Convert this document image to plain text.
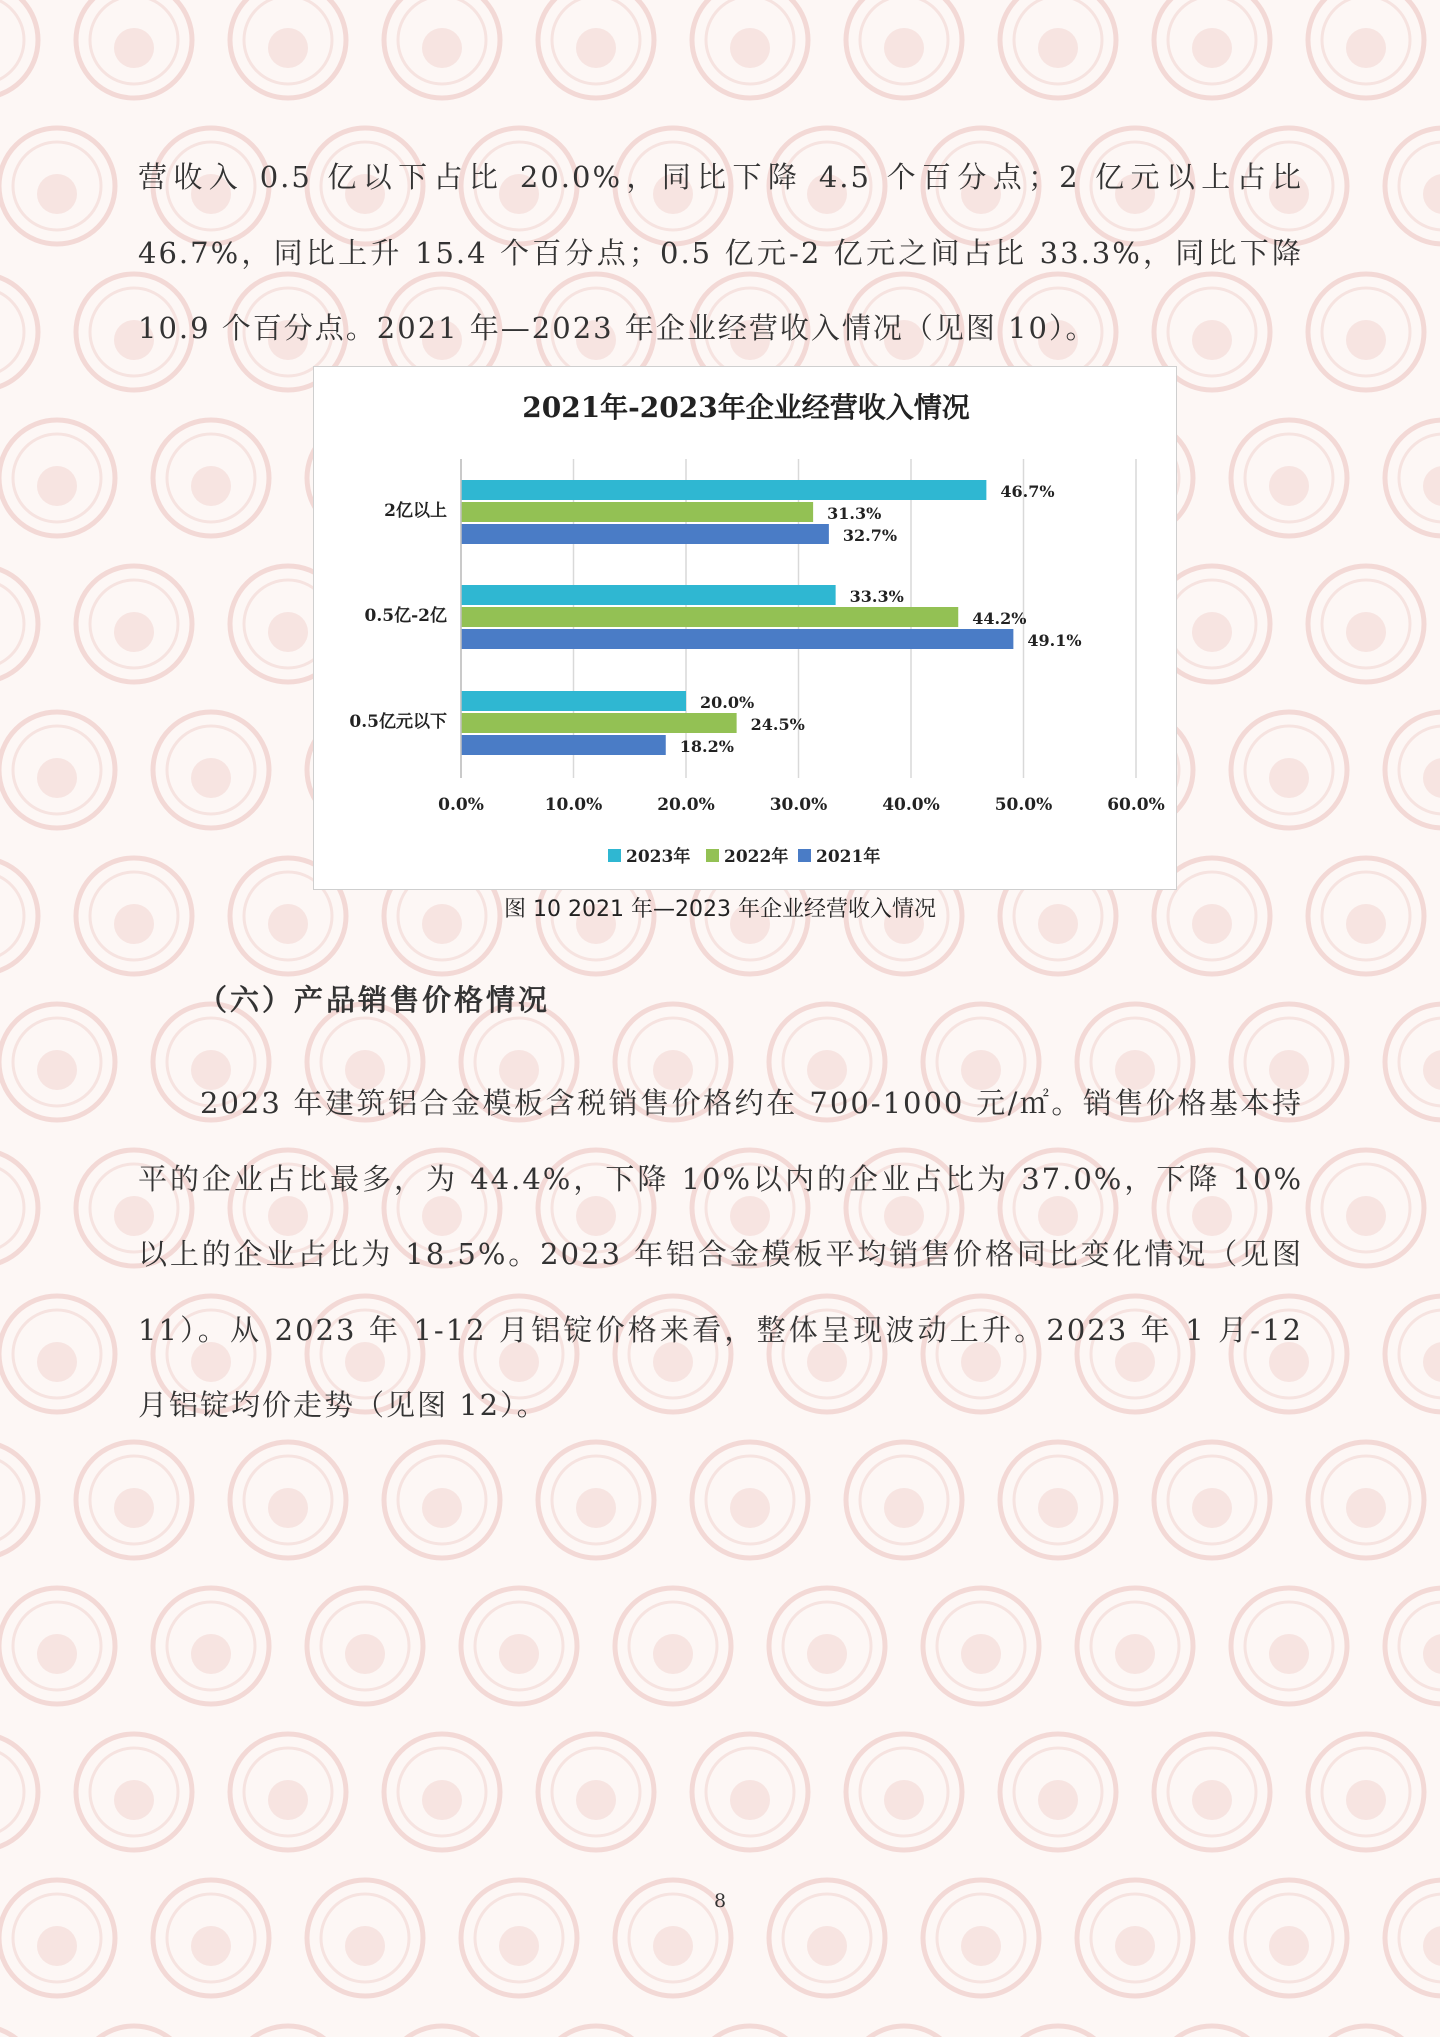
营收入 0.5 亿以下占比 20.0%，同比下降 4.5 个百分点；2 亿元以上占比 46.7%，同比上升 15.4 个百分点；0.5 亿元-2 亿元之间占比 33.3%，同比下降 10.9 个百分点。2021 年—2023 年企业经营收入情况（见图 10）。

2021年-2023年企业经营收入情况
0.0%	10.0%	20.0%	30.0%	40.0%	50.0%	60.0%
2亿以上
46.7%
31.3%
32.7%
0.5亿-2亿
33.3%
44.2%
49.1%
0.5亿元以下
20.0%
24.5%
18.2%
2023年 2022年 2021年

图 10 2021 年—2023 年企业经营收入情况

（六）产品销售价格情况

2023 年建筑铝合金模板含税销售价格约在 700-1000 元/㎡。销售价格基本持平的企业占比最多，为 44.4%，下降 10%以内的企业占比为 37.0%，下降 10%以上的企业占比为 18.5%。2023 年铝合金模板平均销售价格同比变化情况（见图 11）。从 2023 年 1-12 月铝锭价格来看，整体呈现波动上升。2023 年 1 月-12 月铝锭均价走势（见图 12）。

8
